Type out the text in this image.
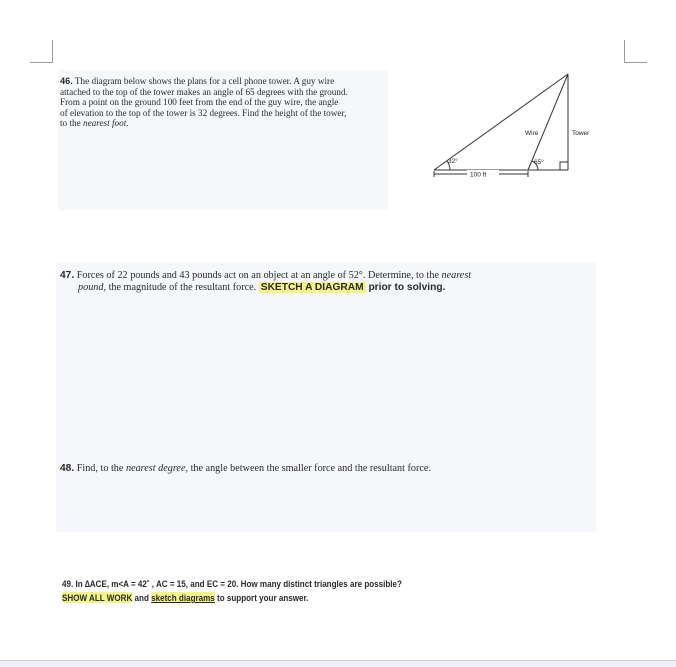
46. The diagram below shows the plans for a cell phone tower. A guy wire
attached to the top of the tower makes an angle of 65 degrees with the ground.
From a point on the ground 100 feet from the end of the guy wire, the angle
of elevation to the top of the tower is 32 degrees. Find the height of the tower,
to the nearest foot.
32°	65°
100 ft
Wire	Tower
47. Forces of 22 pounds and 43 pounds act on an object at an angle of 52°. Determine, to the nearest
pound, the magnitude of the resultant force. SKETCH A DIAGRAM prior to solving.
48. Find, to the nearest degree, the angle between the smaller force and the resultant force.
49. In ∆ACE, m<A = 42˚ , AC = 15, and EC = 20. How many distinct triangles are possible?
SHOW ALL WORK and sketch diagrams to support your answer.
